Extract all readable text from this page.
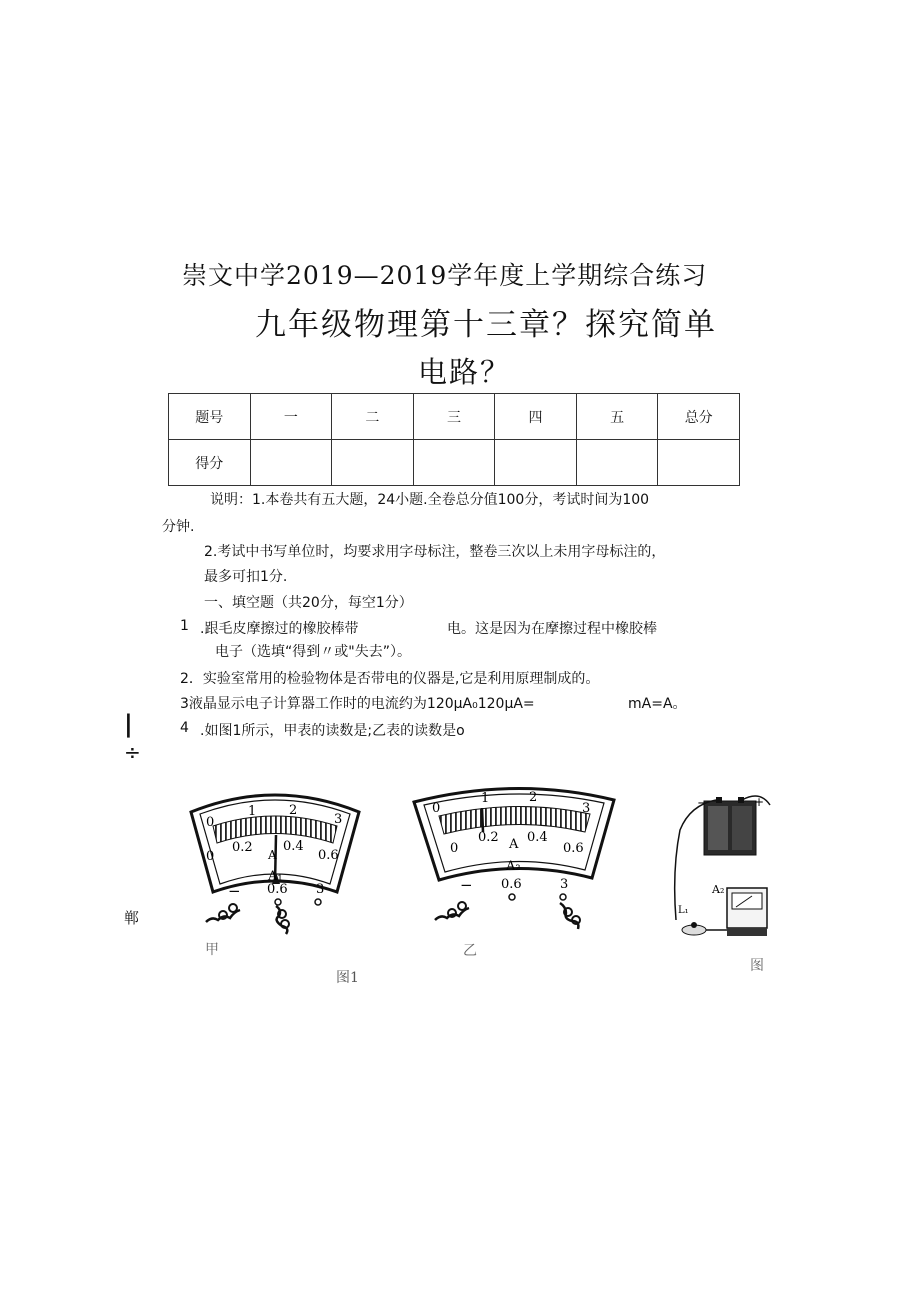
崇文中学2019—2019学年度上学期综合练习
九年级物理第十三章？探究简单
电路？
题号	一	二	三	四	五	总分
得分						
说明：1.本卷共有五大题，24小题.全卷总分值100分，考试时间为100
分钟.
2.考试中书写单位时，均要求用字母标注，整卷三次以上未用字母标注的，
最多可扣1分.
一、填空题（共20分，每空1分）
1 .跟毛皮摩擦过的橡胶棒带	电。这是因为在摩擦过程中橡胶棒
电子（选填“得到〃或"失去”）。
2．实验室常用的检验物体是否带电的仪器是,它是利用原理制成的。
3液晶显示电子计算器工作时的电流约为120μA₀120μA=	mA=A。
4 .如图1所示，甲表的读数是;乙表的读数是o
|
÷
郸
0
1	2
3
0
0.2 0.4
0.6
A
A₁
− 0.6 3
甲
0
1	2
3
0
0.2 0.4
0.6
A
A₂
− 0.6	3
乙
−	+
A₂
L₁
图
图1
